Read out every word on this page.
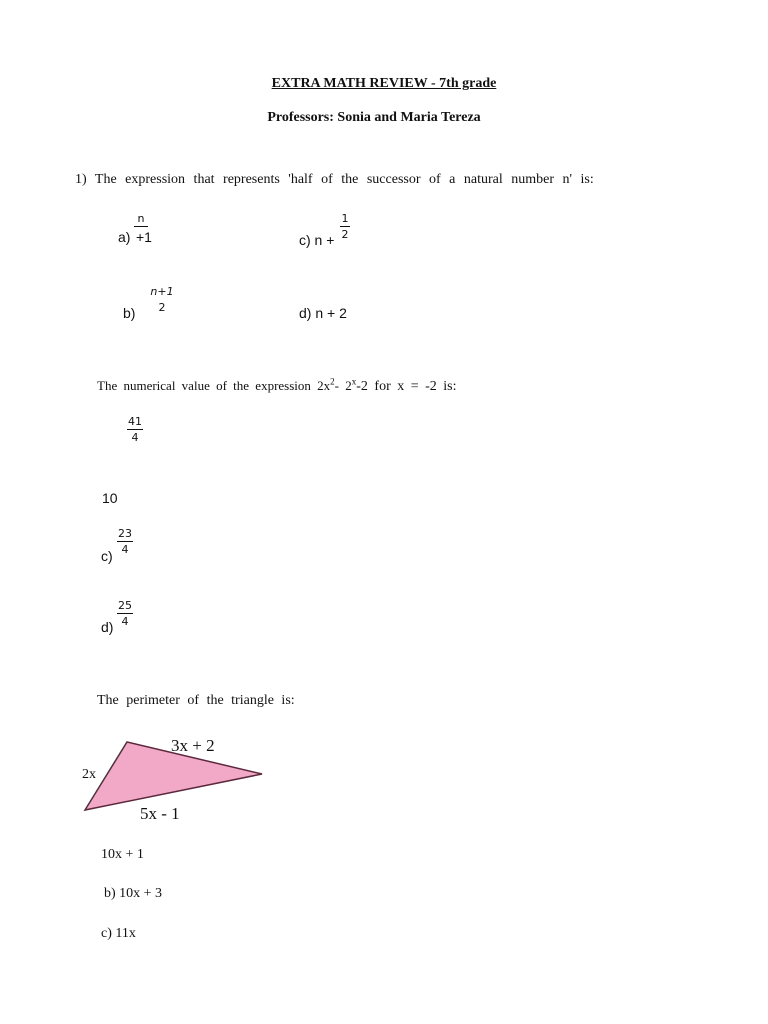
EXTRA MATH REVIEW - 7th grade
Professors: Sonia and Maria Tereza
1) The expression that represents 'half of the successor of a natural number n' is:
a) +1
n
c) n +
1
2
b)
n+1
2	d) n + 2
The numerical value of the expression $2x^2-$ 2$^x$-2 for x = -2 is:
41
4
10
c)
23
4
d)
25
4
The perimeter of the triangle is:
3x + 2
2x
5x - 1
10x + 1
b) 10x + 3
c) 11x
